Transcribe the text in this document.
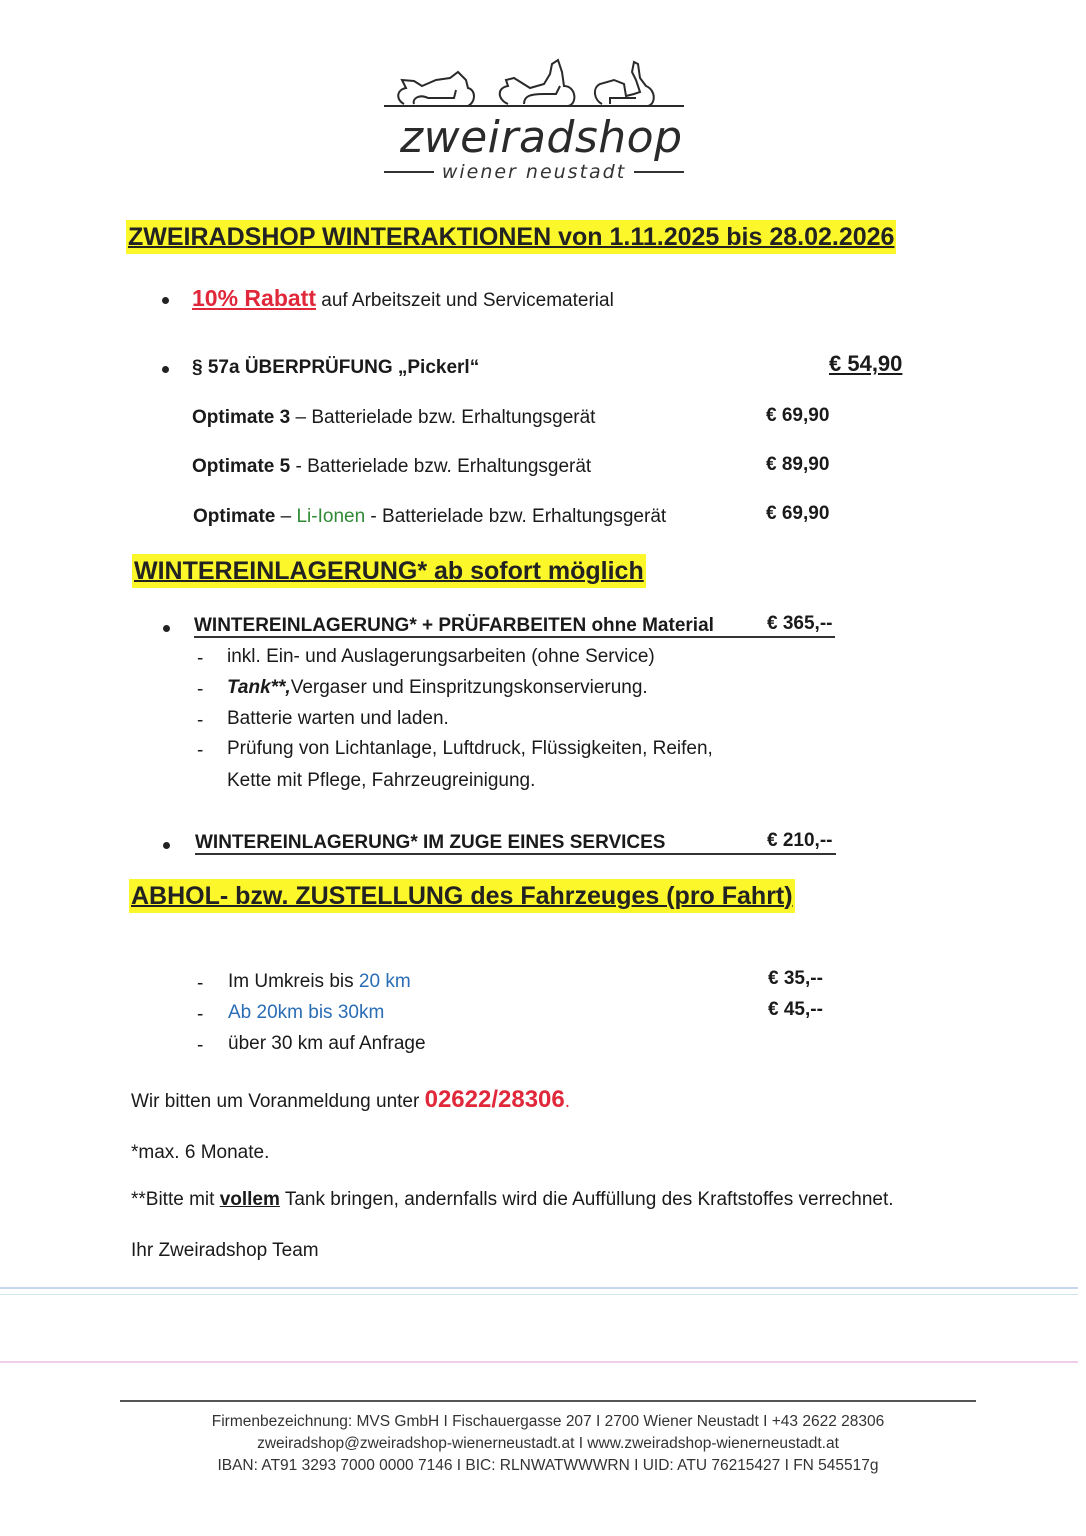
zweiradshop
wiener neustadt
ZWEIRADSHOP WINTERAKTIONEN von 1.11.2025 bis 28.02.2026
10% Rabatt auf Arbeitszeit und Servicematerial
§ 57a ÜBERPRÜFUNG „Pickerl“	€ 54,90
Optimate 3 – Batterielade bzw. Erhaltungsgerät	€ 69,90
Optimate 5 - Batterielade bzw. Erhaltungsgerät	€ 89,90
Optimate – Li-Ionen - Batterielade bzw. Erhaltungsgerät	€ 69,90
WINTEREINLAGERUNG* ab sofort möglich
WINTEREINLAGERUNG* + PRÜFARBEITEN ohne Material	€ 365,--
- inkl. Ein- und Auslagerungsarbeiten (ohne Service)
- Tank**,Vergaser und Einspritzungskonservierung.
- Batterie warten und laden.
- Prüfung von Lichtanlage, Luftdruck, Flüssigkeiten, Reifen,
Kette mit Pflege, Fahrzeugreinigung.
WINTEREINLAGERUNG* IM ZUGE EINES SERVICES	€ 210,--
ABHOL- bzw. ZUSTELLUNG des Fahrzeuges (pro Fahrt)
- Im Umkreis bis 20 km	€ 35,--
- Ab 20km bis 30km	€ 45,--
- über 30 km auf Anfrage
Wir bitten um Voranmeldung unter 02622/28306.
*max. 6 Monate.
**Bitte mit vollem Tank bringen, andernfalls wird die Auffüllung des Kraftstoffes verrechnet.
Ihr Zweiradshop Team
Firmenbezeichnung: MVS GmbH I Fischauergasse 207 I 2700 Wiener Neustadt I +43 2622 28306
zweiradshop@zweiradshop-wienerneustadt.at I www.zweiradshop-wienerneustadt.at
IBAN: AT91 3293 7000 0000 7146 I BIC: RLNWATWWWRN I UID: ATU 76215427 I FN 545517g
